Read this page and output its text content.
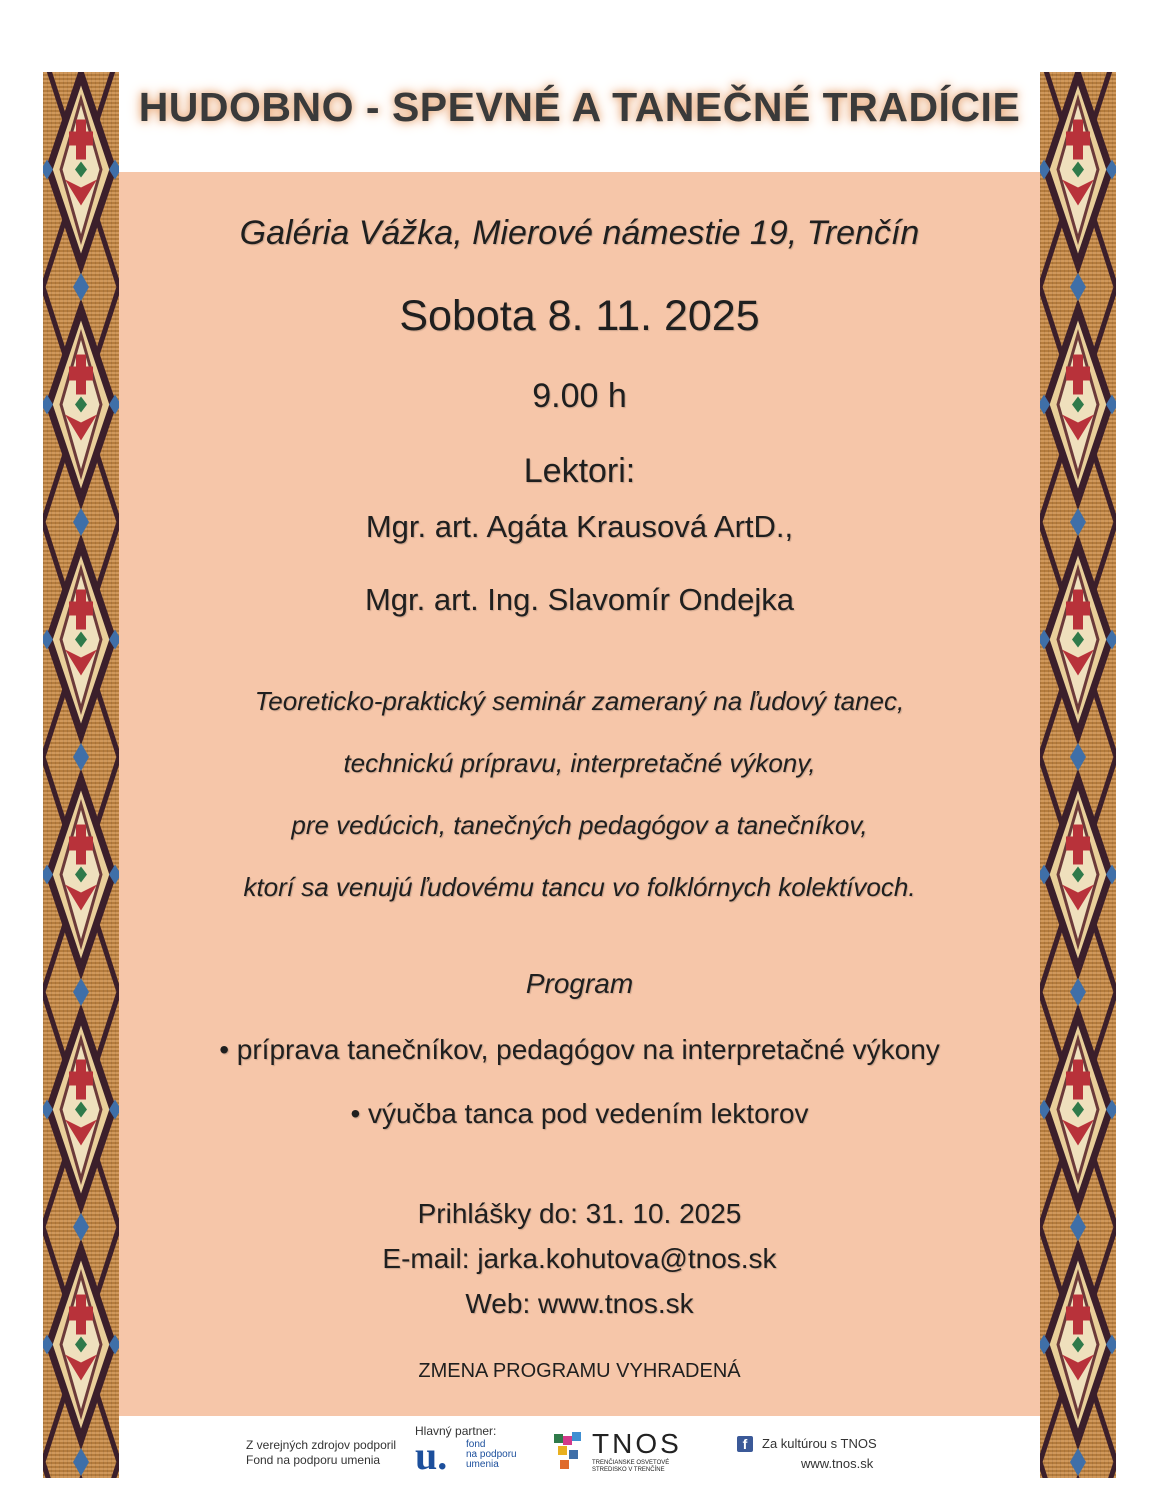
HUDOBNO - SPEVNÉ A TANEČNÉ TRADÍCIE
Galéria Vážka, Mierové námestie 19, Trenčín
Sobota 8. 11. 2025
9.00 h
Lektori:
Mgr. art. Agáta Krausová ArtD.,
Mgr. art. Ing. Slavomír Ondejka
Teoreticko-praktický seminár zameraný na ľudový tanec,
technickú prípravu, interpretačné výkony,
pre vedúcich, tanečných pedagógov a tanečníkov,
ktorí sa venujú ľudovému tancu vo folklórnych kolektívoch.
Program
• príprava tanečníkov, pedagógov na interpretačné výkony
• výučba tanca pod vedením lektorov
Prihlášky do: 31. 10. 2025
E-mail: jarka.kohutova@tnos.sk
Web: www.tnos.sk
ZMENA PROGRAMU VYHRADENÁ
Z verejných zdrojov podporil
Fond na podporu umenia
Hlavný partner:
u. fond
na podporu
umenia
TNOS
TRENČIANSKE OSVETOVÉ
STREDISKO V TRENČÍNE
f	Za kultúrou s TNOS
www.tnos.sk
